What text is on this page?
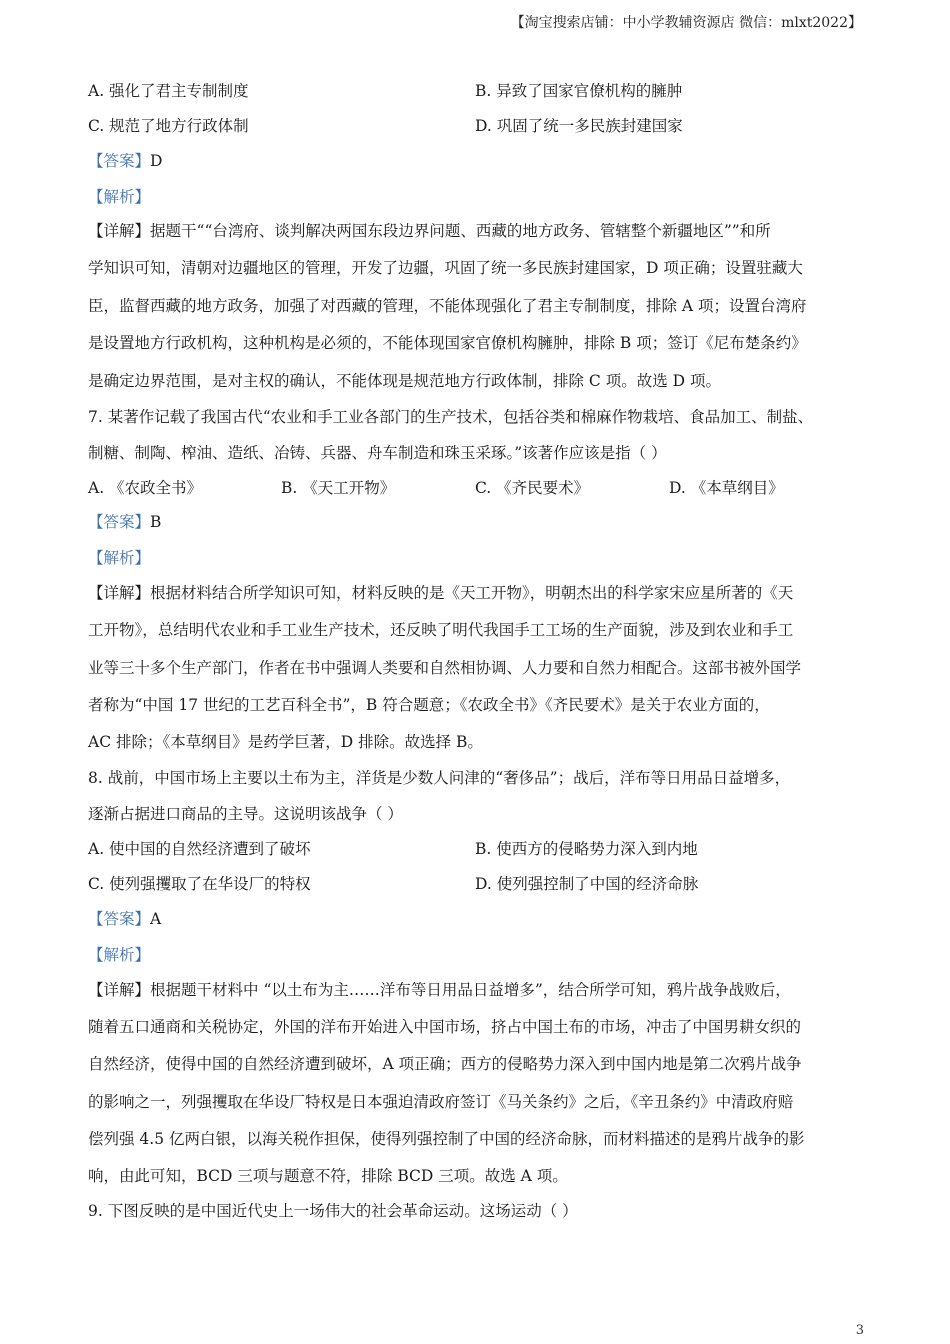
【淘宝搜索店铺：中小学教辅资源店 微信：mlxt2022】
A. 强化了君主专制制度	B. 异致了国家官僚机构的臃肿
C. 规范了地方行政体制	D. 巩固了统一多民族封建国家
【答案】D
【解析】
【详解】据题干““台湾府、谈判解决两国东段边界问题、西藏的地方政务、管辖整个新疆地区””和所
学知识可知，清朝对边疆地区的管理，开发了边疆，巩固了统一多民族封建国家，D 项正确；设置驻藏大
臣，监督西藏的地方政务，加强了对西藏的管理，不能体现强化了君主专制制度，排除 A 项；设置台湾府
是设置地方行政机构，这种机构是必须的，不能体现国家官僚机构臃肿，排除 B 项；签订《尼布楚条约》
是确定边界范围，是对主权的确认，不能体现是规范地方行政体制，排除 C 项。故选 D 项。
7. 某著作记载了我国古代“农业和手工业各部门的生产技术，包括谷类和棉麻作物栽培、食品加工、制盐、
制糖、制陶、榨油、造纸、冶铸、兵器、舟车制造和珠玉采琢。”该著作应该是指（ ）
A. 《农政全书》	B. 《天工开物》	C. 《齐民要术》	D. 《本草纲目》
【答案】B
【解析】
【详解】根据材料结合所学知识可知，材料反映的是《天工开物》，明朝杰出的科学家宋应星所著的《天
工开物》，总结明代农业和手工业生产技术，还反映了明代我国手工工场的生产面貌，涉及到农业和手工
业等三十多个生产部门，作者在书中强调人类要和自然相协调、人力要和自然力相配合。这部书被外国学
者称为“中国 17 世纪的工艺百科全书”，B 符合题意；《农政全书》《齐民要术》是关于农业方面的，
AC 排除；《本草纲目》是药学巨著，D 排除。故选择 B。
8. 战前，中国市场上主要以土布为主，洋货是少数人问津的“奢侈品”；战后，洋布等日用品日益增多，
逐渐占据进口商品的主导。这说明该战争（ ）
A. 使中国的自然经济遭到了破坏	B. 使西方的侵略势力深入到内地
C. 使列强攫取了在华设厂的特权	D. 使列强控制了中国的经济命脉
【答案】A
【解析】
【详解】根据题干材料中 “以土布为主……洋布等日用品日益增多”，结合所学可知，鸦片战争战败后，
随着五口通商和关税协定，外国的洋布开始进入中国市场，挤占中国土布的市场，冲击了中国男耕女织的
自然经济，使得中国的自然经济遭到破坏，A 项正确；西方的侵略势力深入到中国内地是第二次鸦片战争
的影响之一，列强攫取在华设厂特权是日本强迫清政府签订《马关条约》之后，《辛丑条约》中清政府赔
偿列强 4.5 亿两白银，以海关税作担保，使得列强控制了中国的经济命脉，而材料描述的是鸦片战争的影
响，由此可知，BCD 三项与题意不符，排除 BCD 三项。故选 A 项。
9. 下图反映的是中国近代史上一场伟大的社会革命运动。这场运动（ ）
3
